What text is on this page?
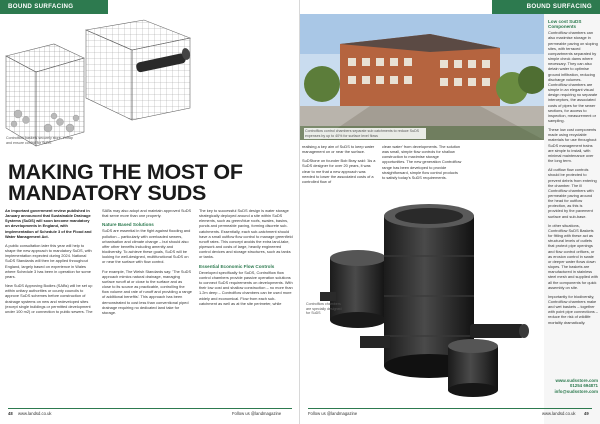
BOUND SURFACING
Controlflow baskets securely store, entrap and ensure control for SuDS
MAKING THE MOST OF MANDATORY SUDS

An important government review published in January announced that Sustainable Drainage Systems (SuDS) will soon become mandatory on developments in England, with implementation of Schedule 3 of the Flood and Water Management Act.

A public consultation later this year will help to shape the new approach to mandatory SuDS, with implementation expected during 2024. National SuDS Standards will then be applied throughout England, largely based on experience in Wales where Schedule 3 has been in operation for some years.

New SuDS Approving Bodies (SABs) will be set up within unitary authorities or county councils to approve SuDS schemes before construction of drainage systems on new and redeveloped sites (except single buildings or permitted development under 100 m2) or connection to public sewers. The

SABs may also adopt and maintain approved SuDS that serve more than one property.

Nature Based Solutions

SuDS are essential in the fight against flooding and pollution – particularly with overloaded sewers, urbanisation and climate change – but should also offer other benefits including amenity and biodiversity. To achieve these goals, SuDS will be looking for well-designed, multifunctional SuDS on or near the surface with flow control.

For example, The Welsh Standards say: 'The SuDS approach mimics natural drainage, managing surface runoff at or close to the surface and as close to its source as practicable, controlling the flow volume and rate of runoff and providing a range of additional benefits'. This approach has been demonstrated to cost less than conventional piped drainage requiring no dedicated land take for storage.

The key to successful SuDS design is water storage strategically deployed around a site within SuDS elements, such as green/blue roofs, swales, basins, ponds and permeable paving, forming discrete sub-catchments. Essentially, each sub-catchment should have a small outflow flow control to manage greenfield runoff rates. This concept avoids the extra land-take, pipework and costs of large, heavily engineered control devices and storage structures, such as tanks or tanks.

Essential Economic Flow Controls

Developed specifically for SuDS, Controlflow flow control chambers provide passive operation solutions to connect SuDS requirements on developments. With their low cost and shallow construction – no more than 1.2m deep – Controlflow chambers can be used more widely and economical. Flow from each sub-catchment as well as at the site perimeter, while

BOUND SURFACING
Controlflow control chambers separate sub catchments to reduce SuDS expenses by up to 40% for surface level flows

realising a key aim of SuDS to keep water management on or near the surface.

SuDStone on founder Bob Bray said: 'As a SuDS designer for over 20 years, it was clear to me that a new approach was needed to lower the associated costs of a controlled flow of

clean water' from developments. The solution was small, simple flow controls for shallow construction to maximise storage opportunities. The new generation Controlflow range has been developed to provide straightforward, simple flow control products to satisfy today's SuDS requirements.

Controlflow chambers are specially designed for SuDS
Low cost SuDS Components

Controlflow chambers can also maximise storage in permeable paving on sloping sites, with terraced compartments separated by simple check dams where necessary. They can also detain water to optimise ground infiltration, reducing discharge volumes. Controlflow chambers are simple in an elegant visual design requiring no separate interceptors, the associated costs of pipes for the sewer sections, for access to inspection, measurement or sampling.

These low cost components made using recyclable materials for use throughout SuDS management trains are simple to install, with minimal maintenance over the long term.

All outflow flow controls should be protected to prevent debris from entering the chamber. The ill Controlflow chambers with permeable paving around the head for outflow protection, as this is provided by the pavement surface and sub-base.

In other situations, Controlflow SuDS Baskets for fitting with these act as structural levels of outlets that protect pipe openings and flow control orifices, or as erosion control in swale or deeper water flows down slopes. The baskets are manufactured in stainless steel mesh and supplied with all the components for quick assembly on site.

Importantly for biodiversity, Controlflow chambers make and wet baskets – together with point pipe connections – reduce the risk of wildlife mortality dramatically.

www.sudsstore.com
01254 694871
info@sudsstore.com
48 www.landsd.co.uk	Follow us @landmagazine	Follow us @landmagazine	www.landsd.co.uk 49
